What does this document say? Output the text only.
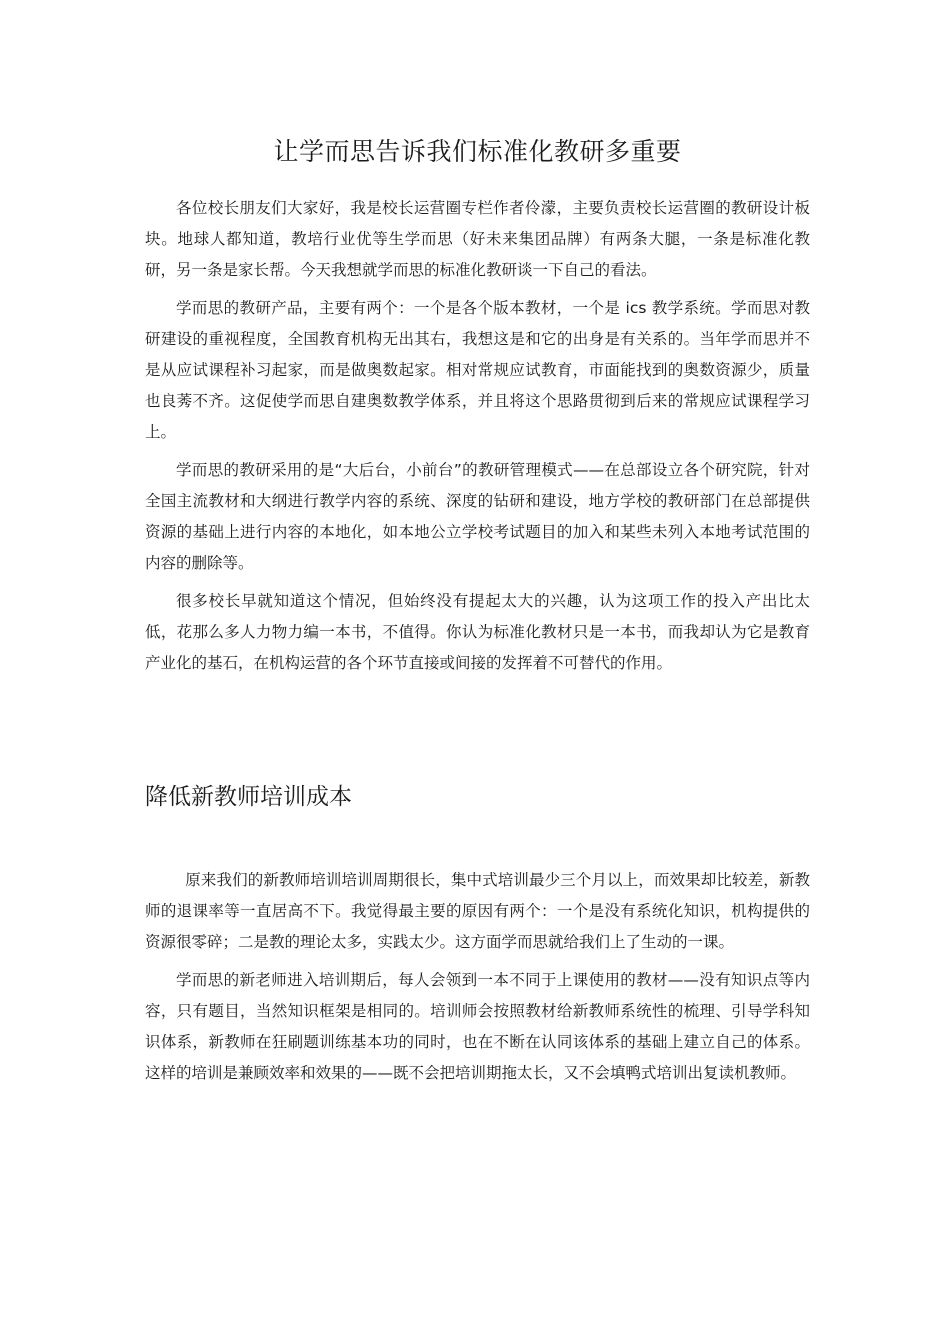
让学而思告诉我们标准化教研多重要

各位校长朋友们大家好，我是校长运营圈专栏作者伶濛，主要负责校长运营圈的教研设计板块。地球人都知道，教培行业优等生学而思（好未来集团品牌）有两条大腿，一条是标准化教研，另一条是家长帮。今天我想就学而思的标准化教研谈一下自己的看法。

学而思的教研产品，主要有两个：一个是各个版本教材，一个是 ics 教学系统。学而思对教研建设的重视程度，全国教育机构无出其右，我想这是和它的出身是有关系的。当年学而思并不是从应试课程补习起家，而是做奥数起家。相对常规应试教育，市面能找到的奥数资源少，质量也良莠不齐。这促使学而思自建奥数教学体系，并且将这个思路贯彻到后来的常规应试课程学习上。

学而思的教研采用的是“大后台，小前台”的教研管理模式——在总部设立各个研究院，针对全国主流教材和大纲进行教学内容的系统、深度的钻研和建设，地方学校的教研部门在总部提供资源的基础上进行内容的本地化，如本地公立学校考试题目的加入和某些未列入本地考试范围的内容的删除等。

很多校长早就知道这个情况，但始终没有提起太大的兴趣，认为这项工作的投入产出比太低，花那么多人力物力编一本书，不值得。你认为标准化教材只是一本书，而我却认为它是教育产业化的基石，在机构运营的各个环节直接或间接的发挥着不可替代的作用。

降低新教师培训成本

原来我们的新教师培训培训周期很长，集中式培训最少三个月以上，而效果却比较差，新教师的退课率等一直居高不下。我觉得最主要的原因有两个：一个是没有系统化知识，机构提供的资源很零碎；二是教的理论太多，实践太少。这方面学而思就给我们上了生动的一课。

学而思的新老师进入培训期后，每人会领到一本不同于上课使用的教材——没有知识点等内容，只有题目，当然知识框架是相同的。培训师会按照教材给新教师系统性的梳理、引导学科知识体系，新教师在狂刷题训练基本功的同时，也在不断在认同该体系的基础上建立自己的体系。这样的培训是兼顾效率和效果的——既不会把培训期拖太长，又不会填鸭式培训出复读机教师。
